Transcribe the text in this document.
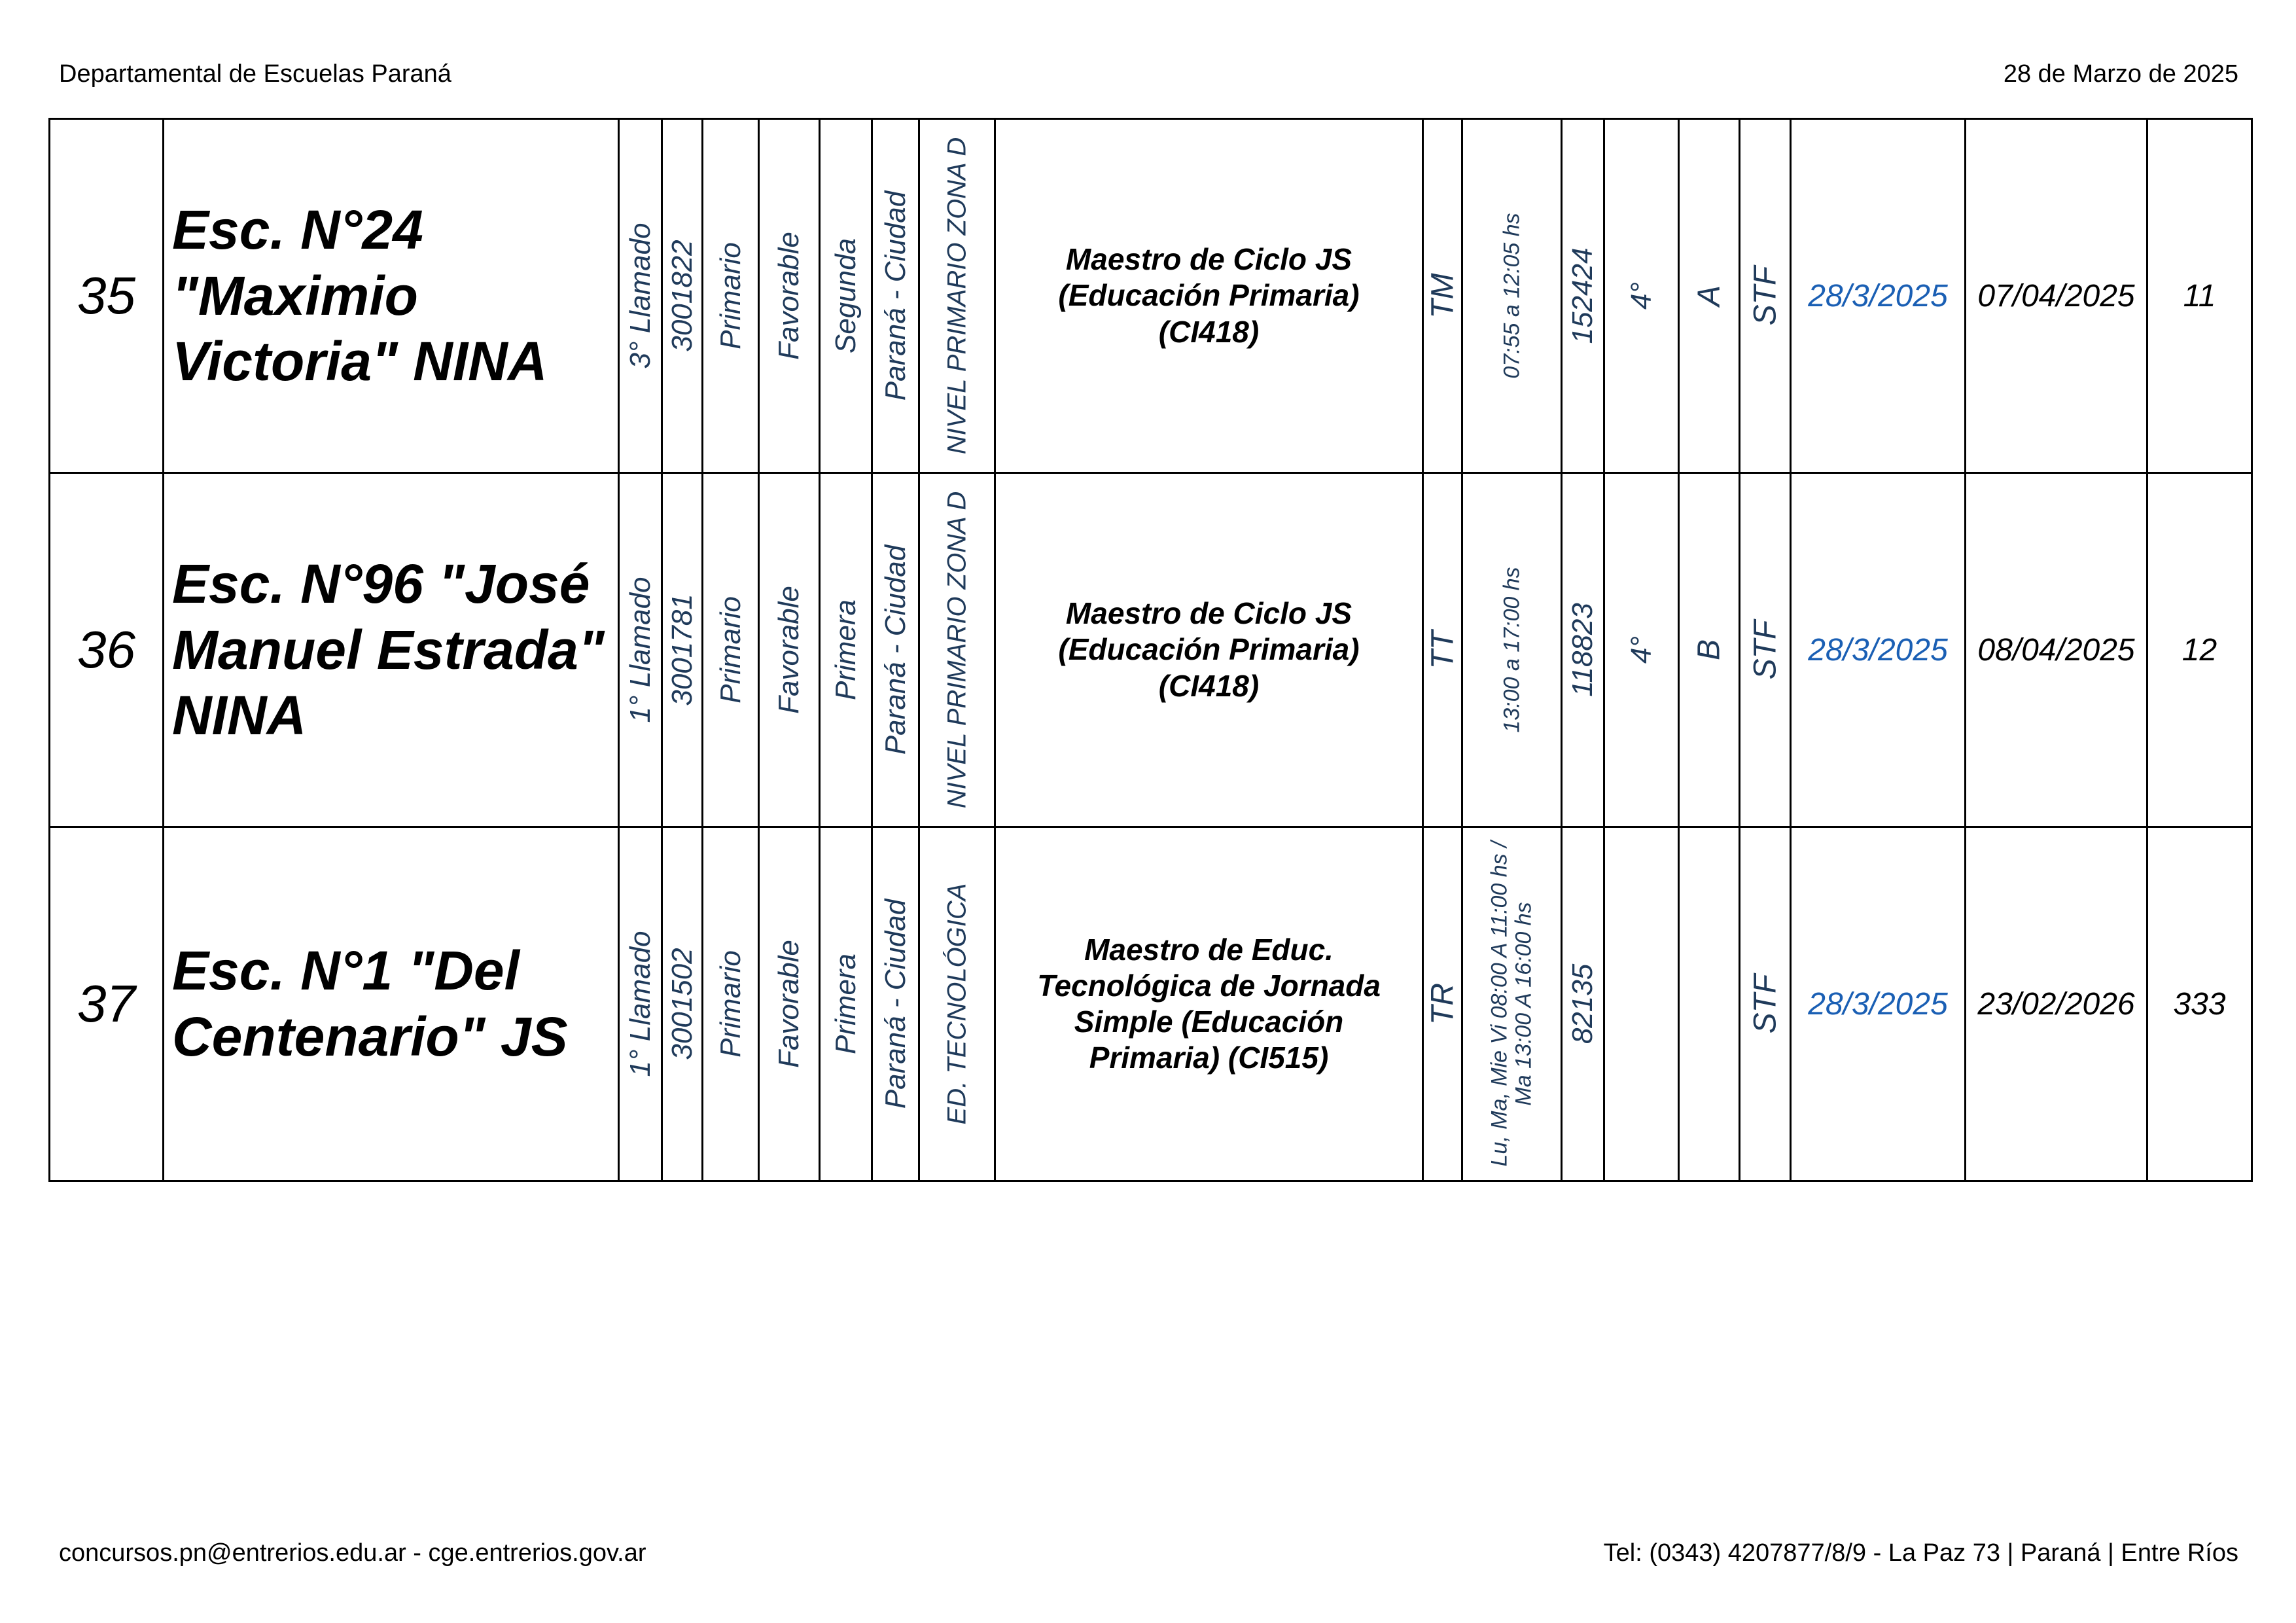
Departamental de Escuelas Paraná	28 de Marzo de 2025
35	Esc. N°24 "Maximio Victoria" NINA	3° Llamado	3001822	Primario	Favorable	Segunda	Paraná - Ciudad	NIVEL PRIMARIO ZONA D	Maestro de Ciclo JS (Educación Primaria) (CI418)	TM	07:55 a 12:05 hs	152424	4°	A	STF	28/3/2025	07/04/2025	11
36	Esc. N°96 "José Manuel Estrada" NINA	1° Llamado	3001781	Primario	Favorable	Primera	Paraná - Ciudad	NIVEL PRIMARIO ZONA D	Maestro de Ciclo JS (Educación Primaria) (CI418)	TT	13:00 a 17:00 hs	118823	4°	B	STF	28/3/2025	08/04/2025	12
37	Esc. N°1 "Del Centenario" JS	1° Llamado	3001502	Primario	Favorable	Primera	Paraná - Ciudad	ED. TECNOLÓGICA	Maestro de Educ. Tecnológica de Jornada Simple (Educación Primaria) (CI515)	TR	Lu, Ma, Mie Vi 08:00 A 11:00 hs / Ma 13:00 A 16:00 hs	82135			STF	28/3/2025	23/02/2026	333
concursos.pn@entrerios.edu.ar - cge.entrerios.gov.ar	Tel: (0343) 4207877/8/9 - La Paz 73 | Paraná | Entre Ríos
